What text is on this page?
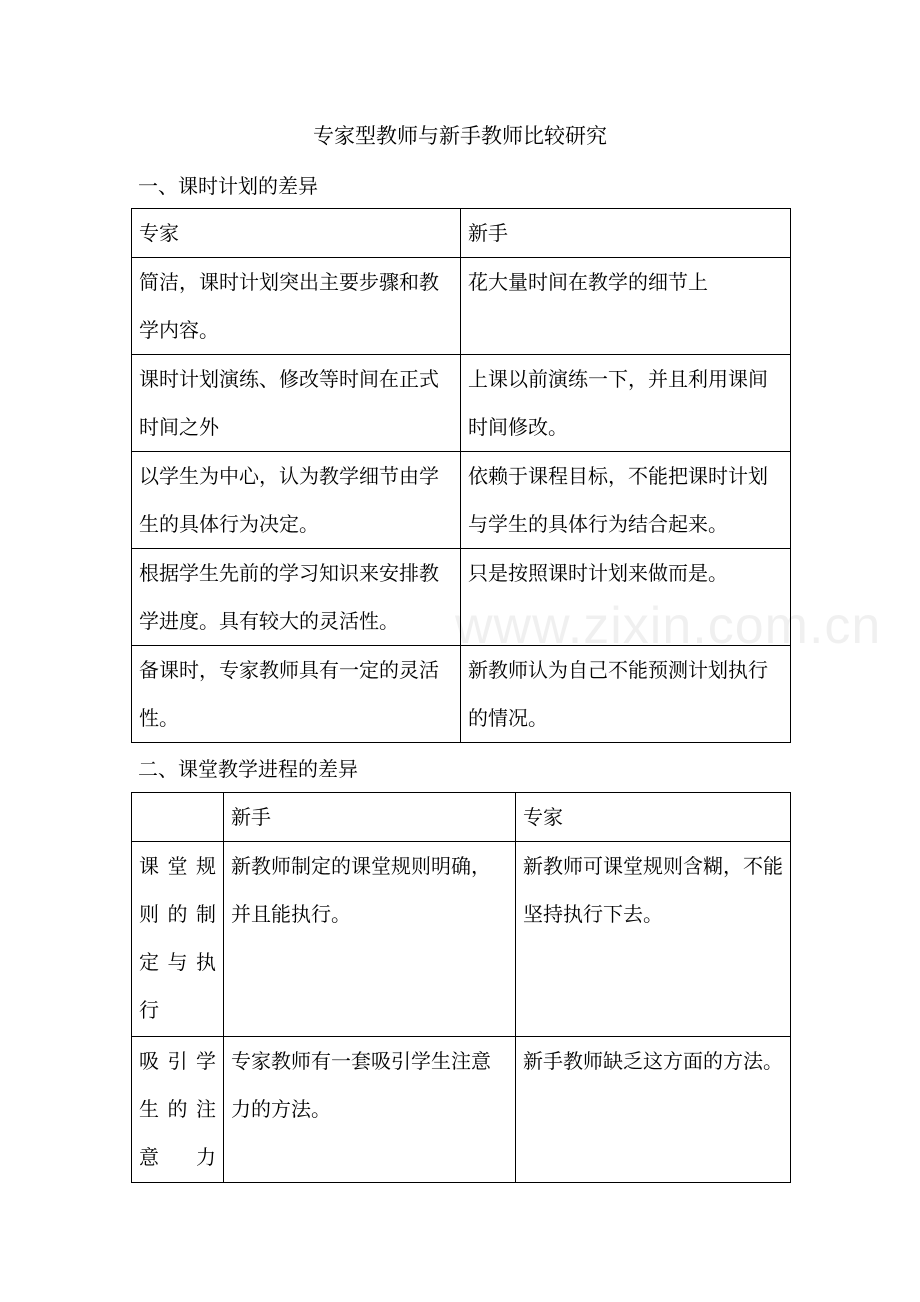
专家型教师与新手教师比较研究
一、课时计划的差异
专家	新手
简洁，课时计划突出主要步骤和教学内容。	花大量时间在教学的细节上
课时计划演练、修改等时间在正式时间之外	上课以前演练一下，并且利用课间时间修改。
以学生为中心，认为教学细节由学生的具体行为决定。	依赖于课程目标，不能把课时计划与学生的具体行为结合起来。
根据学生先前的学习知识来安排教学进度。具有较大的灵活性。	只是按照课时计划来做而是。
备课时，专家教师具有一定的灵活性。	新教师认为自己不能预测计划执行的情况。
二、课堂教学进程的差异
	新手	专家
课堂规则的制定与执行	新教师制定的课堂规则明确，并且能执行。	新教师可课堂规则含糊，不能坚持执行下去。
吸引学生的注意力	专家教师有一套吸引学生注意力的方法。	新手教师缺乏这方面的方法。
www.zixin.com.cn
